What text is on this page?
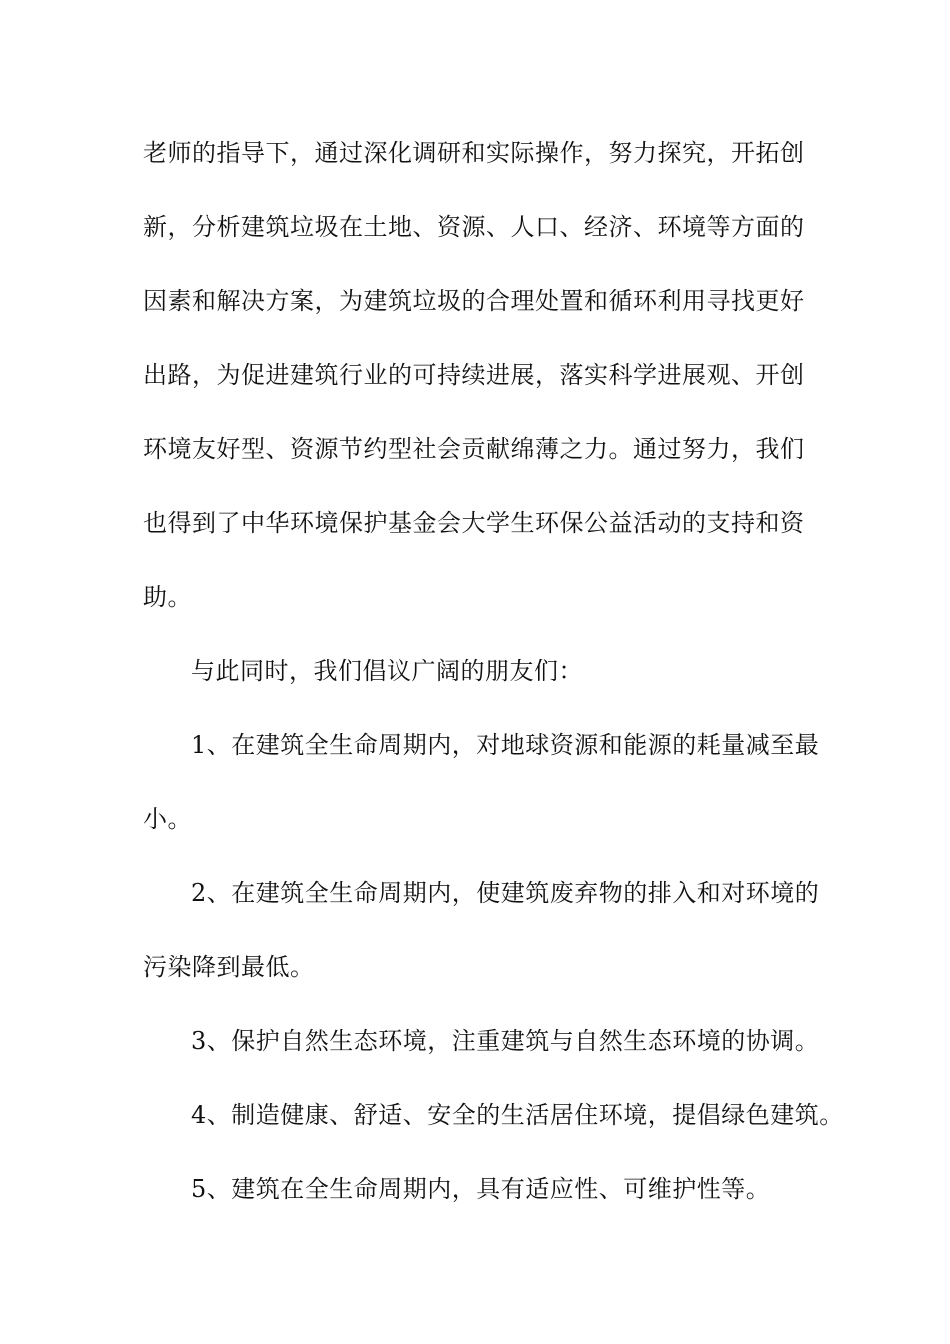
老师的指导下，通过深化调研和实际操作，努力探究，开拓创
新，分析建筑垃圾在土地、资源、人口、经济、环境等方面的
因素和解决方案，为建筑垃圾的合理处置和循环利用寻找更好
出路，为促进建筑行业的可持续进展，落实科学进展观、开创
环境友好型、资源节约型社会贡献绵薄之力。通过努力，我们
也得到了中华环境保护基金会大学生环保公益活动的支持和资
助。
与此同时，我们倡议广阔的朋友们：
1、在建筑全生命周期内，对地球资源和能源的耗量减至最
小。
2、在建筑全生命周期内，使建筑废弃物的排入和对环境的
污染降到最低。
3、保护自然生态环境，注重建筑与自然生态环境的协调。
4、制造健康、舒适、安全的生活居住环境，提倡绿色建筑。
5、建筑在全生命周期内，具有适应性、可维护性等。
